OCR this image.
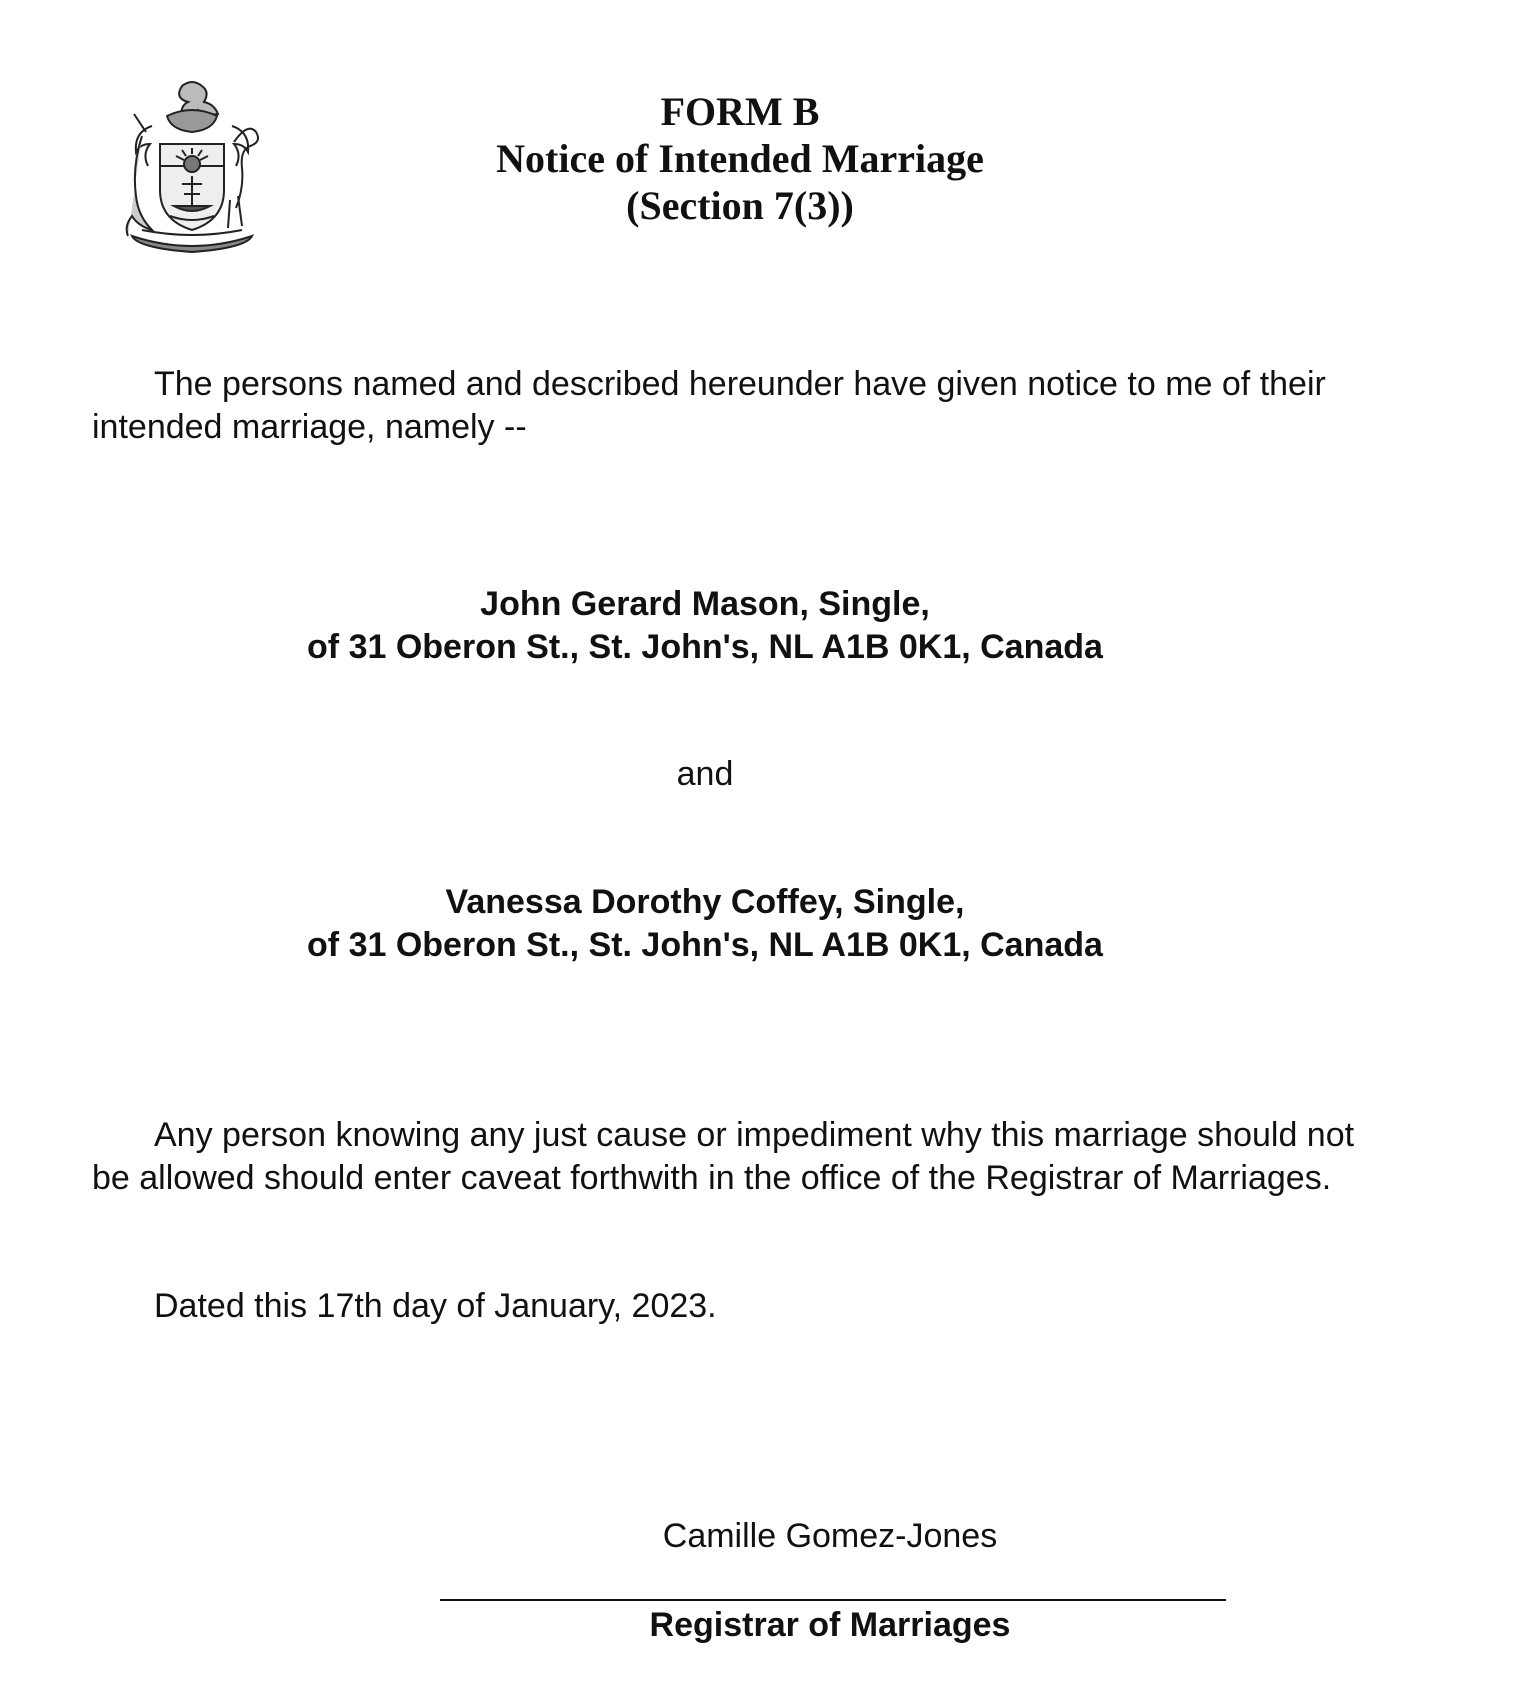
FORM B
Notice of Intended Marriage
(Section 7(3))
The persons named and described hereunder have given notice to me of their
intended marriage, namely --
John Gerard Mason, Single,
of 31 Oberon St., St. John's, NL A1B 0K1, Canada
and
Vanessa Dorothy Coffey, Single,
of 31 Oberon St., St. John's, NL A1B 0K1, Canada
Any person knowing any just cause or impediment why this marriage should not
be allowed should enter caveat forthwith in the office of the Registrar of Marriages.
Dated this 17th day of January, 2023.
Camille Gomez-Jones
Registrar of Marriages
